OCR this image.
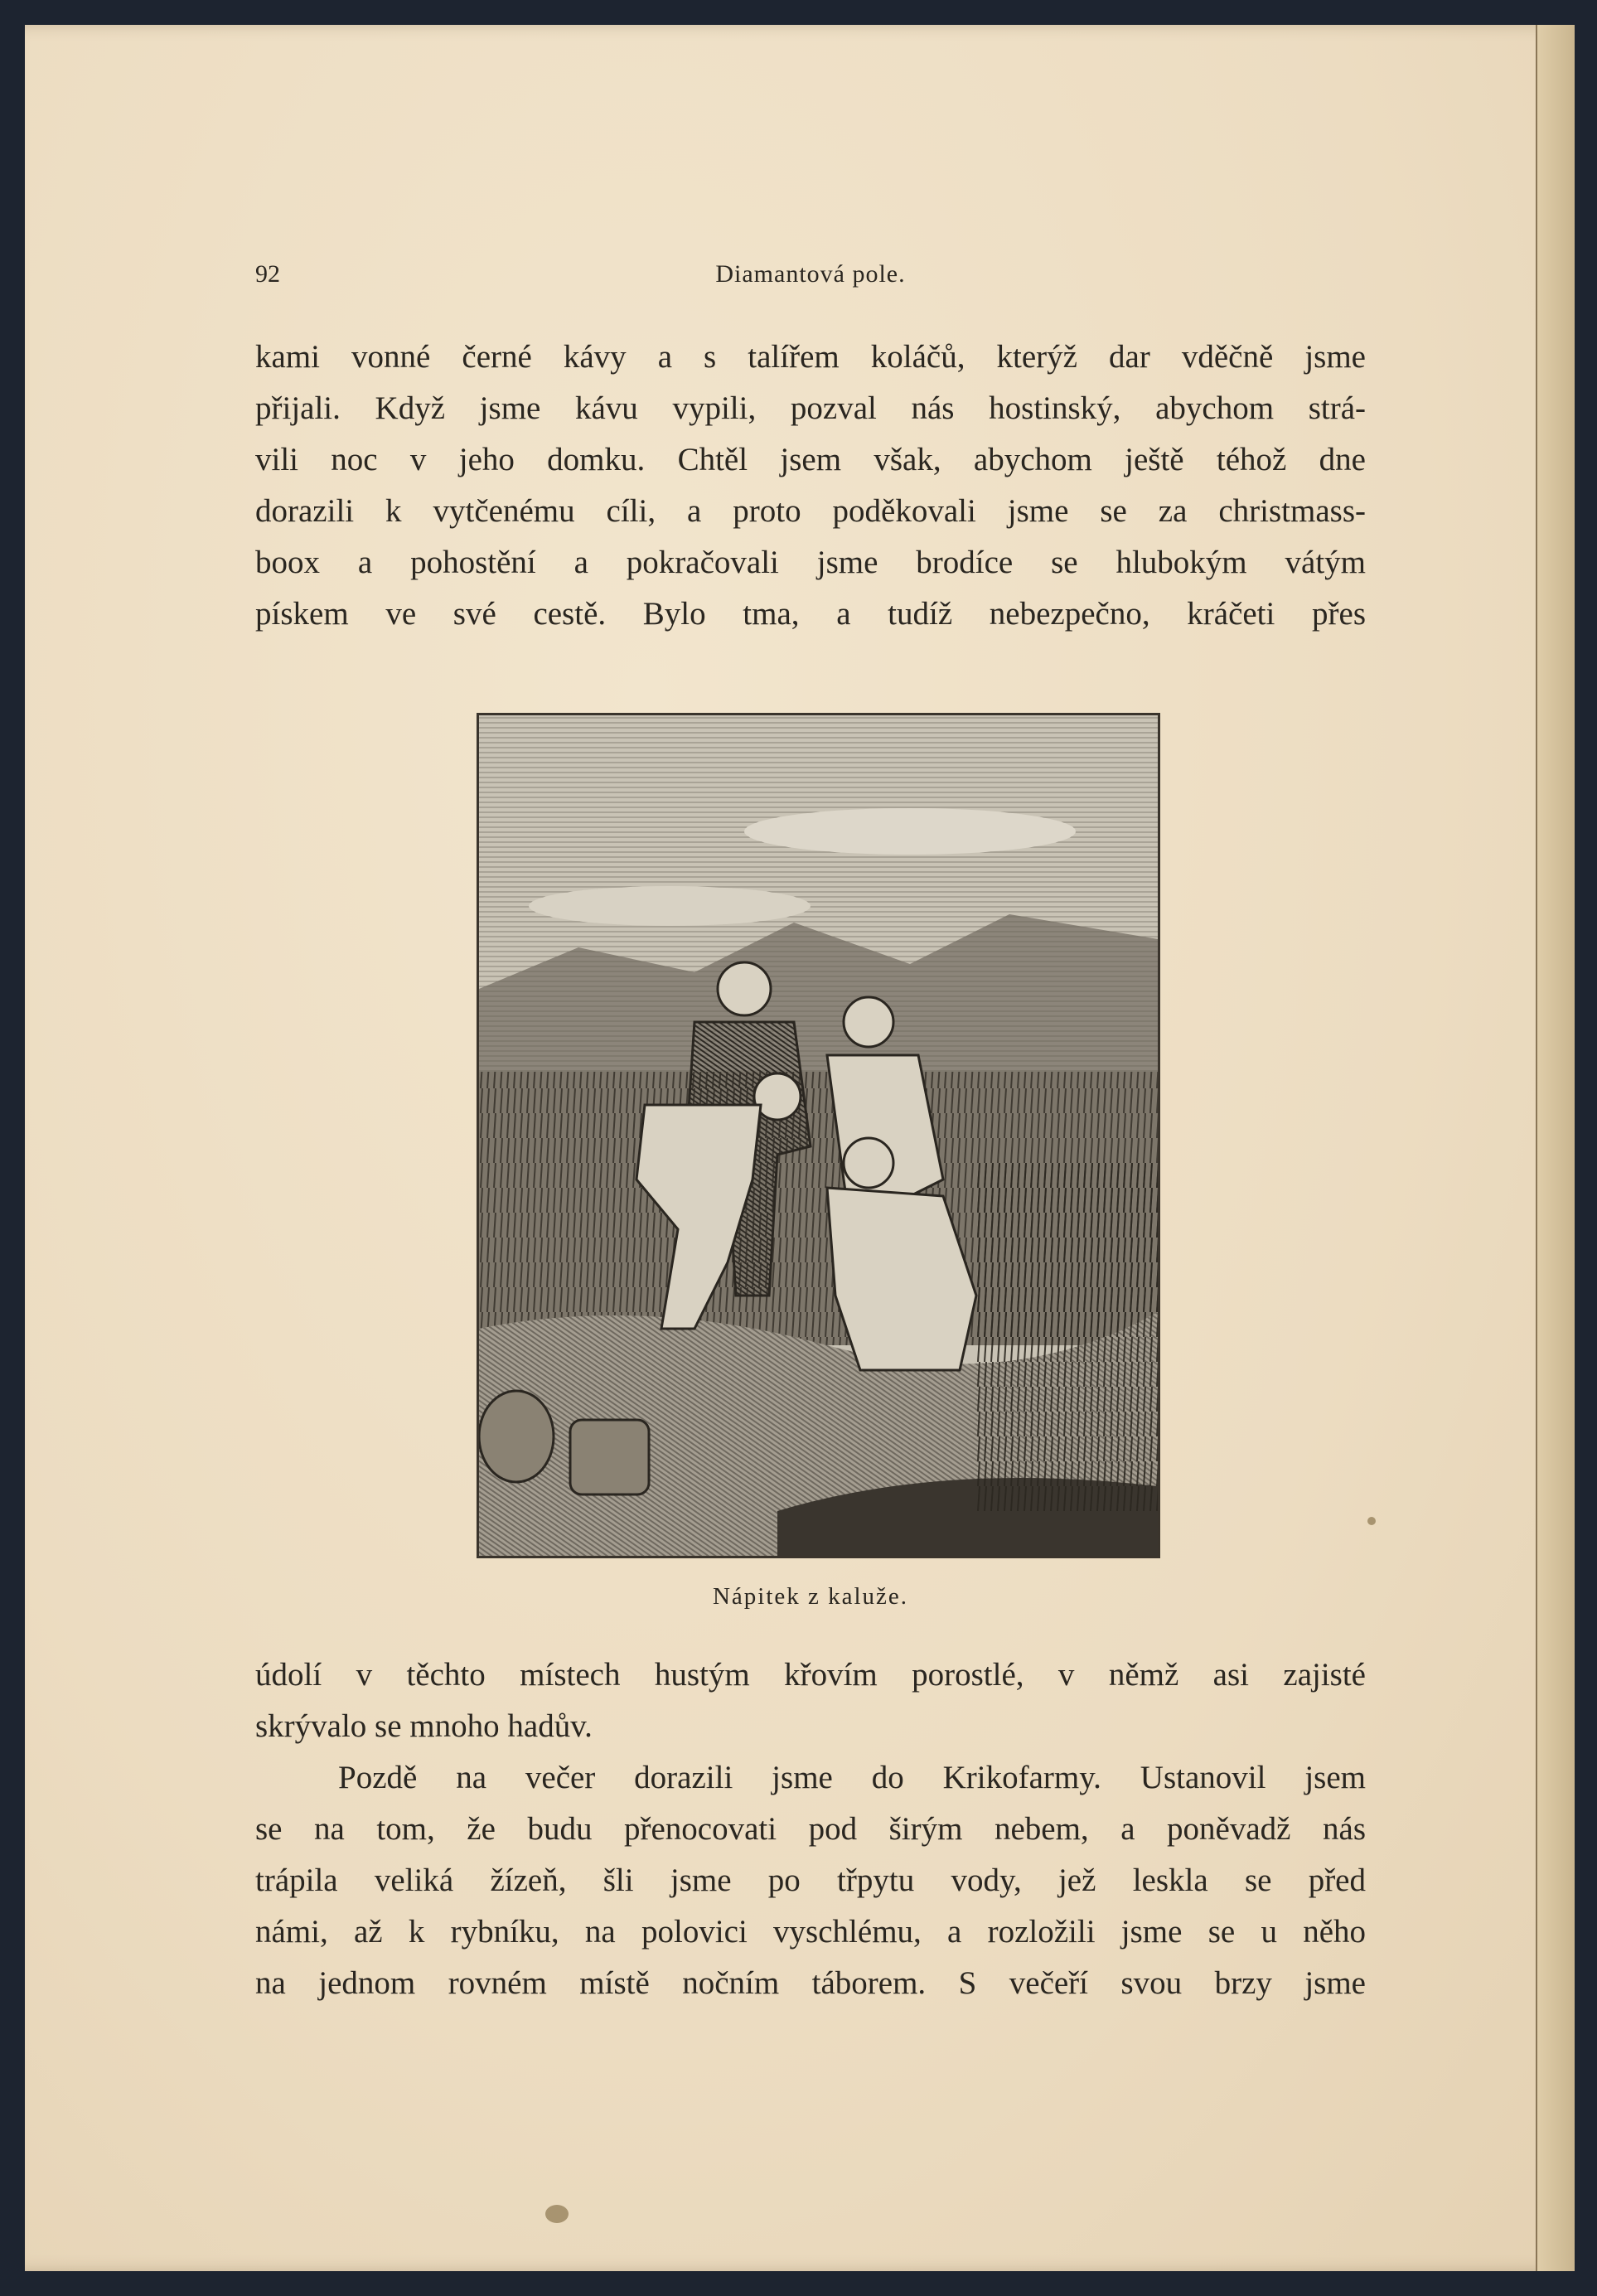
92	Diamantová pole.
kami vonné černé kávy a s talířem koláčů, kterýž dar vděčně jsme
přijali. Když jsme kávu vypili, pozval nás hostinský, abychom strá-
vili noc v jeho domku. Chtěl jsem však, abychom ještě téhož dne
dorazili k vytčenému cíli, a proto poděkovali jsme se za christmass-
boox a pohostění a pokračovali jsme brodíce se hlubokým vátým
pískem ve své cestě. Bylo tma, a tudíž nebezpečno, kráčeti přes
Nápitek z kaluže.
údolí v těchto místech hustým křovím porostlé, v němž asi zajisté
skrývalo se mnoho hadův.
Pozdě na večer dorazili jsme do Krikofarmy. Ustanovil jsem
se na tom, že budu přenocovati pod širým nebem, a poněvadž nás
trápila veliká žízeň, šli jsme po třpytu vody, jež leskla se před
námi, až k rybníku, na polovici vyschlému, a rozložili jsme se u něho
na jednom rovném místě nočním táborem. S večeří svou brzy jsme
